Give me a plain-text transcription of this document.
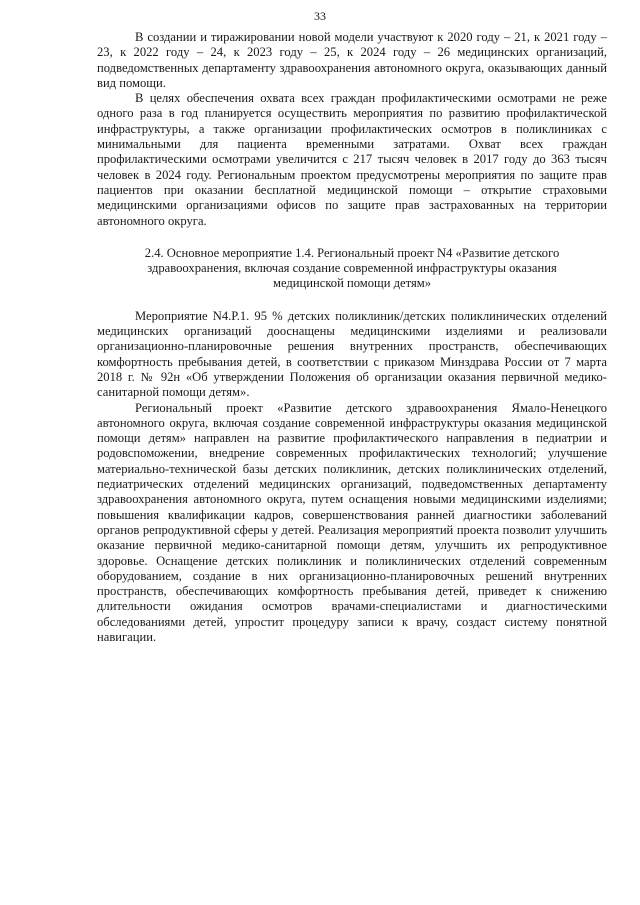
33

В создании и тиражировании новой модели участвуют к 2020 году – 21, к 2021 году – 23, к 2022 году – 24, к 2023 году – 25, к 2024 году – 26 медицинских организаций, подведомственных департаменту здравоохранения автономного округа, оказывающих данный вид помощи.

В целях обеспечения охвата всех граждан профилактическими осмотрами не реже одного раза в год планируется осуществить мероприятия по развитию профилактической инфраструктуры, а также организации профилактических осмотров в поликлиниках с минимальными для пациента временными затратами. Охват всех граждан профилактическими осмотрами увеличится с 217 тысяч человек в 2017 году до 363 тысяч человек в 2024 году. Региональным проектом предусмотрены мероприятия по защите прав пациентов при оказании бесплатной медицинской помощи – открытие страховыми медицинскими организациями офисов по защите прав застрахованных на территории автономного округа.

2.4. Основное мероприятие 1.4. Региональный проект N4 «Развитие детского здравоохранения, включая создание современной инфраструктуры оказания медицинской помощи детям»

Мероприятие N4.Р.1. 95 % детских поликлиник/детских поликлинических отделений медицинских организаций дооснащены медицинскими изделиями и реализовали организационно-планировочные решения внутренних пространств, обеспечивающих комфортность пребывания детей, в соответствии с приказом Минздрава России от 7 марта 2018 г. № 92н «Об утверждении Положения об организации оказания первичной медико-санитарной помощи детям».

Региональный проект «Развитие детского здравоохранения Ямало-Ненецкого автономного округа, включая создание современной инфраструктуры оказания медицинской помощи детям» направлен на развитие профилактического направления в педиатрии и родовспоможении, внедрение современных профилактических технологий; улучшение материально-технической базы детских поликлиник, детских поликлинических отделений, педиатрических отделений медицинских организаций, подведомственных департаменту здравоохранения автономного округа, путем оснащения новыми медицинскими изделиями; повышения квалификации кадров, совершенствования ранней диагностики заболеваний органов репродуктивной сферы у детей. Реализация мероприятий проекта позволит улучшить оказание первичной медико-санитарной помощи детям, улучшить их репродуктивное здоровье. Оснащение детских поликлиник и поликлинических отделений современным оборудованием, создание в них организационно-планировочных решений внутренних пространств, обеспечивающих комфортность пребывания детей, приведет к снижению длительности ожидания осмотров врачами-специалистами и диагностическими обследованиями детей, упростит процедуру записи к врачу, создаст систему понятной навигации.
